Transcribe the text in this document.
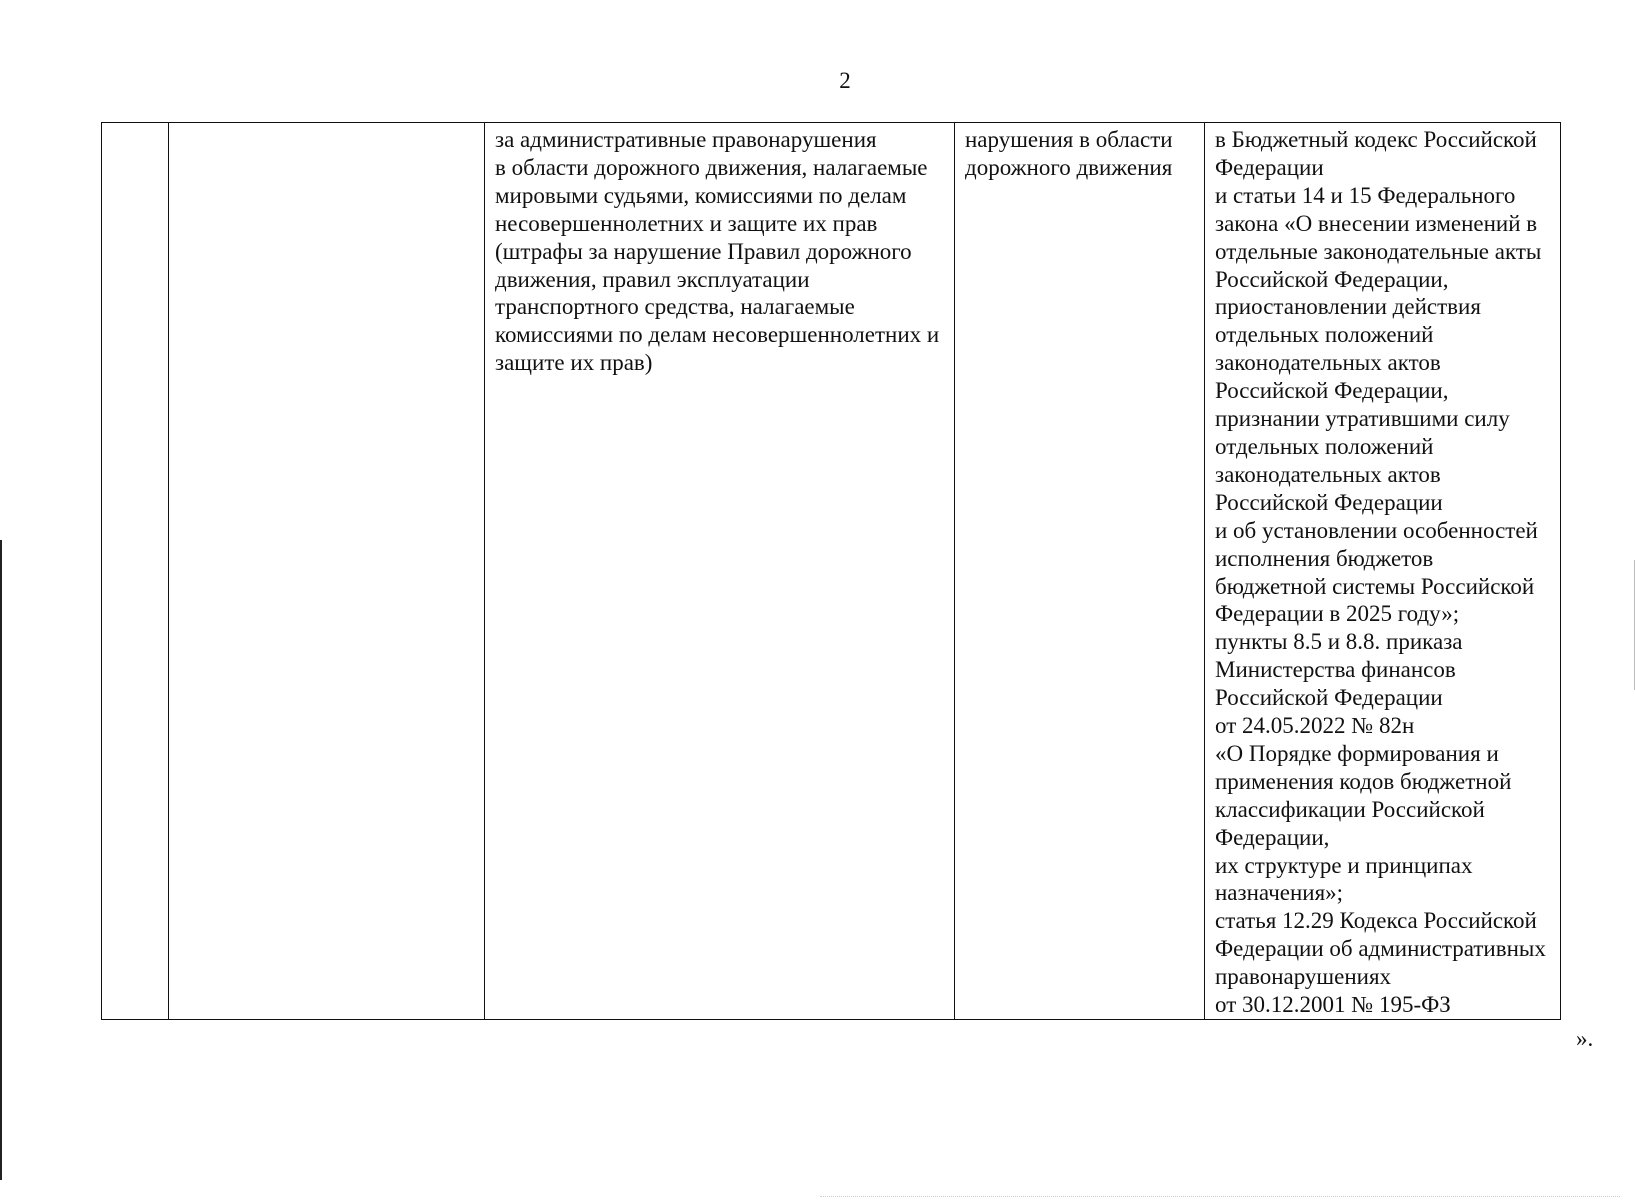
2
		за административные правонарушения
в области дорожного движения, налагаемые мировыми судьями, комиссиями по делам несовершеннолетних и защите их прав (штрафы за нарушение Правил дорожного движения, правил эксплуатации транспортного средства, налагаемые комиссиями по делам несовершеннолетних и защите их прав)	нарушения в области дорожного движения	в Бюджетный кодекс Российской Федерации
и статьи 14 и 15 Федерального закона «О внесении изменений в отдельные законодательные акты Российской Федерации, приостановлении действия отдельных положений законодательных актов Российской Федерации, признании утратившими силу отдельных положений законодательных актов Российской Федерации
и об установлении особенностей исполнения бюджетов бюджетной системы Российской Федерации в 2025 году»;
пункты 8.5 и 8.8. приказа Министерства финансов Российской Федерации
от 24.05.2022 № 82н
«О Порядке формирования и применения кодов бюджетной классификации Российской Федерации,
их структуре и принципах назначения»;
статья 12.29 Кодекса Российской Федерации об административных правонарушениях
от 30.12.2001 № 195-ФЗ
».
